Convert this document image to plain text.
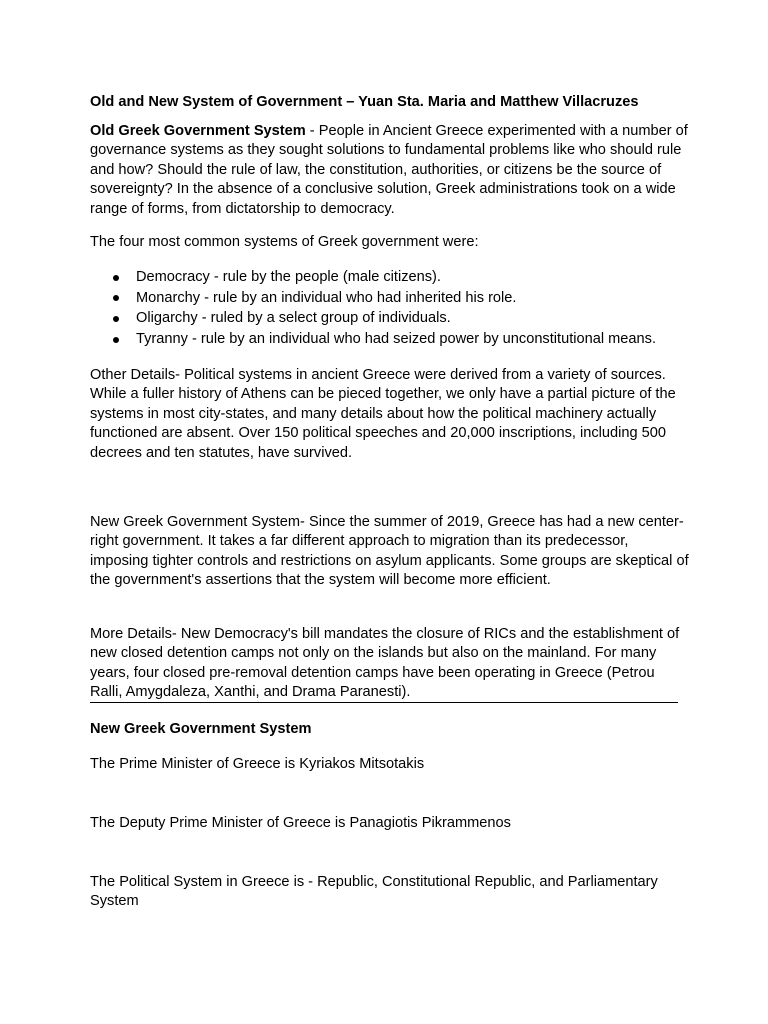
Old and New System of Government – Yuan Sta. Maria and Matthew Villacruzes

Old Greek Government System - People in Ancient Greece experimented with a number of governance systems as they sought solutions to fundamental problems like who should rule and how? Should the rule of law, the constitution, authorities, or citizens be the source of sovereignty? In the absence of a conclusive solution, Greek administrations took on a wide range of forms, from dictatorship to democracy.

The four most common systems of Greek government were:

Democracy - rule by the people (male citizens).
Monarchy - rule by an individual who had inherited his role.
Oligarchy - ruled by a select group of individuals.
Tyranny - rule by an individual who had seized power by unconstitutional means.

Other Details- Political systems in ancient Greece were derived from a variety of sources. While a fuller history of Athens can be pieced together, we only have a partial picture of the systems in most city-states, and many details about how the political machinery actually functioned are absent. Over 150 political speeches and 20,000 inscriptions, including 500 decrees and ten statutes, have survived.

New Greek Government System- Since the summer of 2019, Greece has had a new center-right government. It takes a far different approach to migration than its predecessor, imposing tighter controls and restrictions on asylum applicants. Some groups are skeptical of the government's assertions that the system will become more efficient.

More Details- New Democracy's bill mandates the closure of RICs and the establishment of new closed detention camps not only on the islands but also on the mainland. For many years, four closed pre-removal detention camps have been operating in Greece (Petrou Ralli, Amygdaleza, Xanthi, and Drama Paranesti).

New Greek Government System

The Prime Minister of Greece is Kyriakos Mitsotakis

The Deputy Prime Minister of Greece is Panagiotis Pikrammenos

The Political System in Greece is - Republic, Constitutional Republic, and Parliamentary System
